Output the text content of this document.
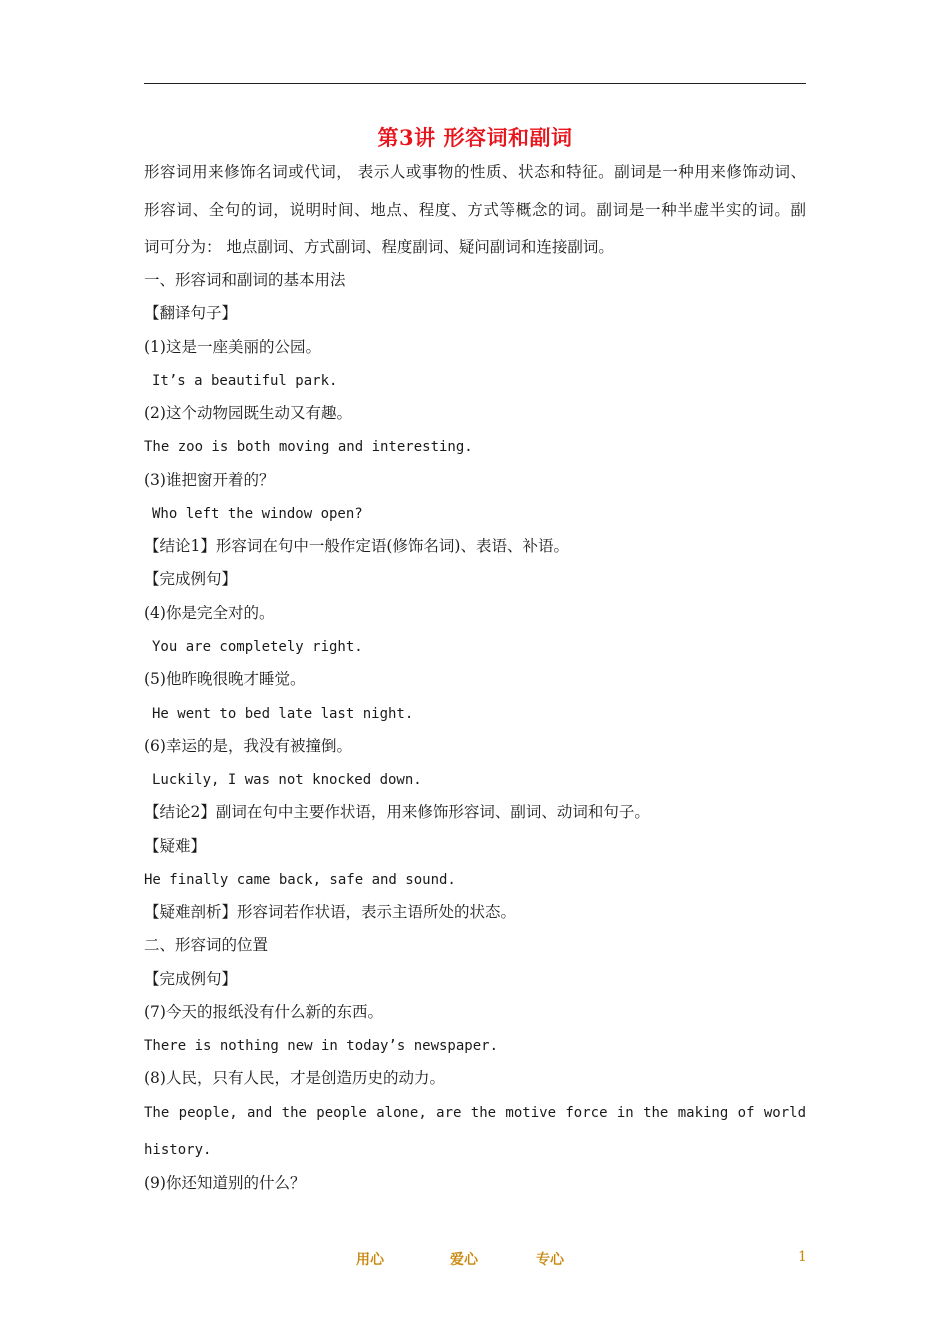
第3讲 形容词和副词
形容词用来修饰名词或代词， 表示人或事物的性质、状态和特征。副词是一种用来修饰动词、
形容词、全句的词，说明时间、地点、程度、方式等概念的词。副词是一种半虚半实的词。副
词可分为： 地点副词、方式副词、程度副词、疑问副词和连接副词。
一、形容词和副词的基本用法
【翻译句子】
(1)这是一座美丽的公园。
It’s a beautiful park.
(2)这个动物园既生动又有趣。
The zoo is both moving and interesting.
(3)谁把窗开着的？
Who left the window open?
【结论1】形容词在句中一般作定语(修饰名词)、表语、补语。
【完成例句】
(4)你是完全对的。
You are completely right.
(5)他昨晚很晚才睡觉。
He went to bed late last night.
(6)幸运的是，我没有被撞倒。
Luckily, I was not knocked down.
【结论2】副词在句中主要作状语，用来修饰形容词、副词、动词和句子。
【疑难】
He finally came back, safe and sound.
【疑难剖析】形容词若作状语，表示主语所处的状态。
二、形容词的位置
【完成例句】
(7)今天的报纸没有什么新的东西。
There is nothing new in today’s newspaper.
(8)人民，只有人民，才是创造历史的动力。
The people, and the people alone, are the motive force in the making of world
history.
(9)你还知道别的什么？
用心	爱心	专心	1
